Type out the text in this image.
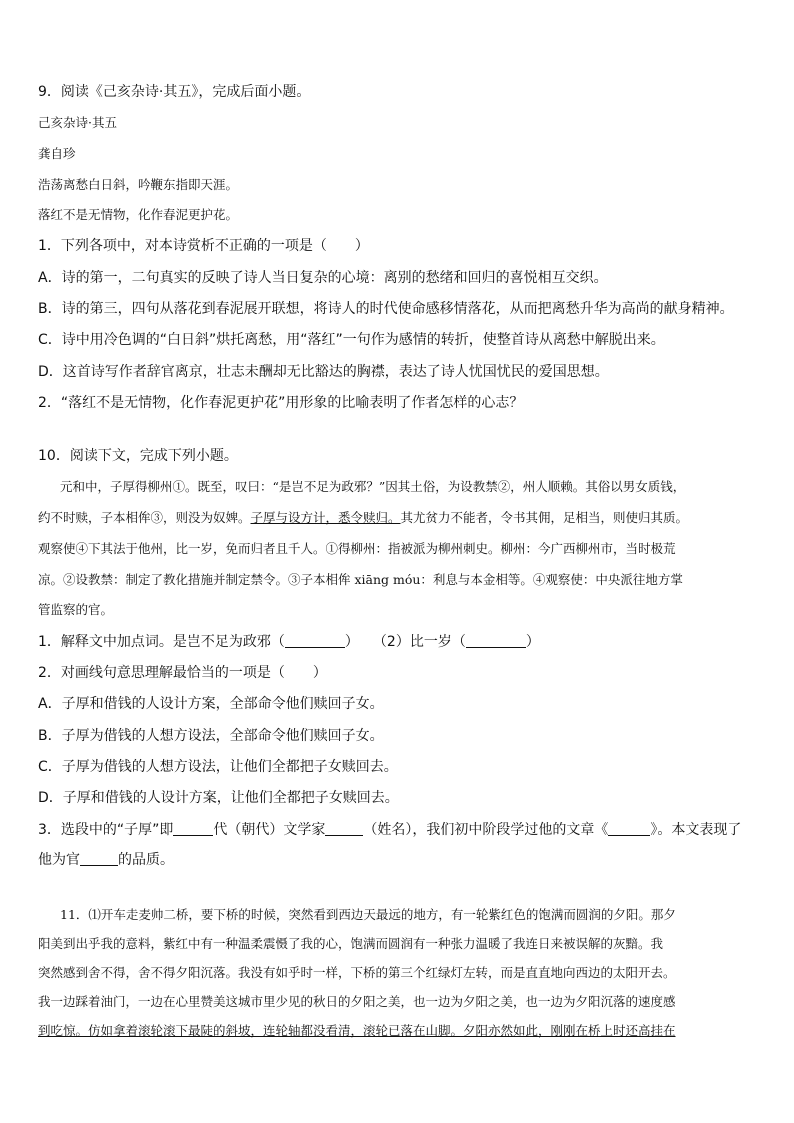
9．阅读《己亥杂诗·其五》，完成后面小题。
己亥杂诗·其五
龚自珍
浩荡离愁白日斜，吟鞭东指即天涯。
落红不是无情物，化作春泥更护花。
1．下列各项中，对本诗赏析不正确的一项是（　　）
A．诗的第一，二句真实的反映了诗人当日复杂的心境：离别的愁绪和回归的喜悦相互交织。
B．诗的第三，四句从落花到春泥展开联想，将诗人的时代使命感移情落花，从而把离愁升华为高尚的献身精神。
C．诗中用冷色调的“白日斜”烘托离愁，用“落红”一句作为感情的转折，使整首诗从离愁中解脱出来。
D．这首诗写作者辞官离京，壮志未酬却无比豁达的胸襟，表达了诗人忧国忧民的爱国思想。
2．“落红不是无情物，化作春泥更护花”用形象的比喻表明了作者怎样的心志？
10．阅读下文，完成下列小题。
元和中，子厚得柳州①。既至，叹曰：“是岂不足为政邪？”因其土俗，为设教禁②，州人顺赖。其俗以男女质钱，
约不时赎，子本相侔③，则没为奴婢。子厚与设方计，悉令赎归。其尤贫力不能者，令书其佣，足相当，则使归其质。
观察使④下其法于他州，比一岁，免而归者且千人。①得柳州：指被派为柳州刺史。柳州：今广西柳州市，当时极荒
凉。②设教禁：制定了教化措施并制定禁令。③子本相侔 xiāng móu：利息与本金相等。④观察使：中央派往地方掌
管监察的官。
1．解释文中加点词。是岂不足为政邪（	）　　（2）比一岁（	）
2．对画线句意思理解最恰当的一项是（　　）
A．子厚和借钱的人设计方案，全部命令他们赎回子女。
B．子厚为借钱的人想方设法，全部命令他们赎回子女。
C．子厚为借钱的人想方设法，让他们全都把子女赎回去。
D．子厚和借钱的人设计方案，让他们全都把子女赎回去。
3．选段中的“子厚”即	代（朝代）文学家	（姓名），我们初中阶段学过他的文章《	》。本文表现了
他为官	的品质。
11．⑴开车走麦帅二桥，要下桥的时候，突然看到西边天最远的地方，有一轮紫红色的饱满而圆润的夕阳。那夕
阳美到出乎我的意料，紫红中有一种温柔震慑了我的心，饱满而圆润有一种张力温暖了我连日来被误解的灰黯。我
突然感到舍不得，舍不得夕阳沉落。我没有如乎时一样，下桥的第三个红绿灯左转，而是直直地向西边的太阳开去。
我一边踩着油门，一边在心里赞美这城市里少见的秋日的夕阳之美，也一边为夕阳之美，也一边为夕阳沉落的速度感
到吃惊。仿如拿着滚轮滚下最陡的斜坡，连轮轴都没看清，滚轮已落在山脚。夕阳亦然如此，刚刚在桥上时还高挂在
